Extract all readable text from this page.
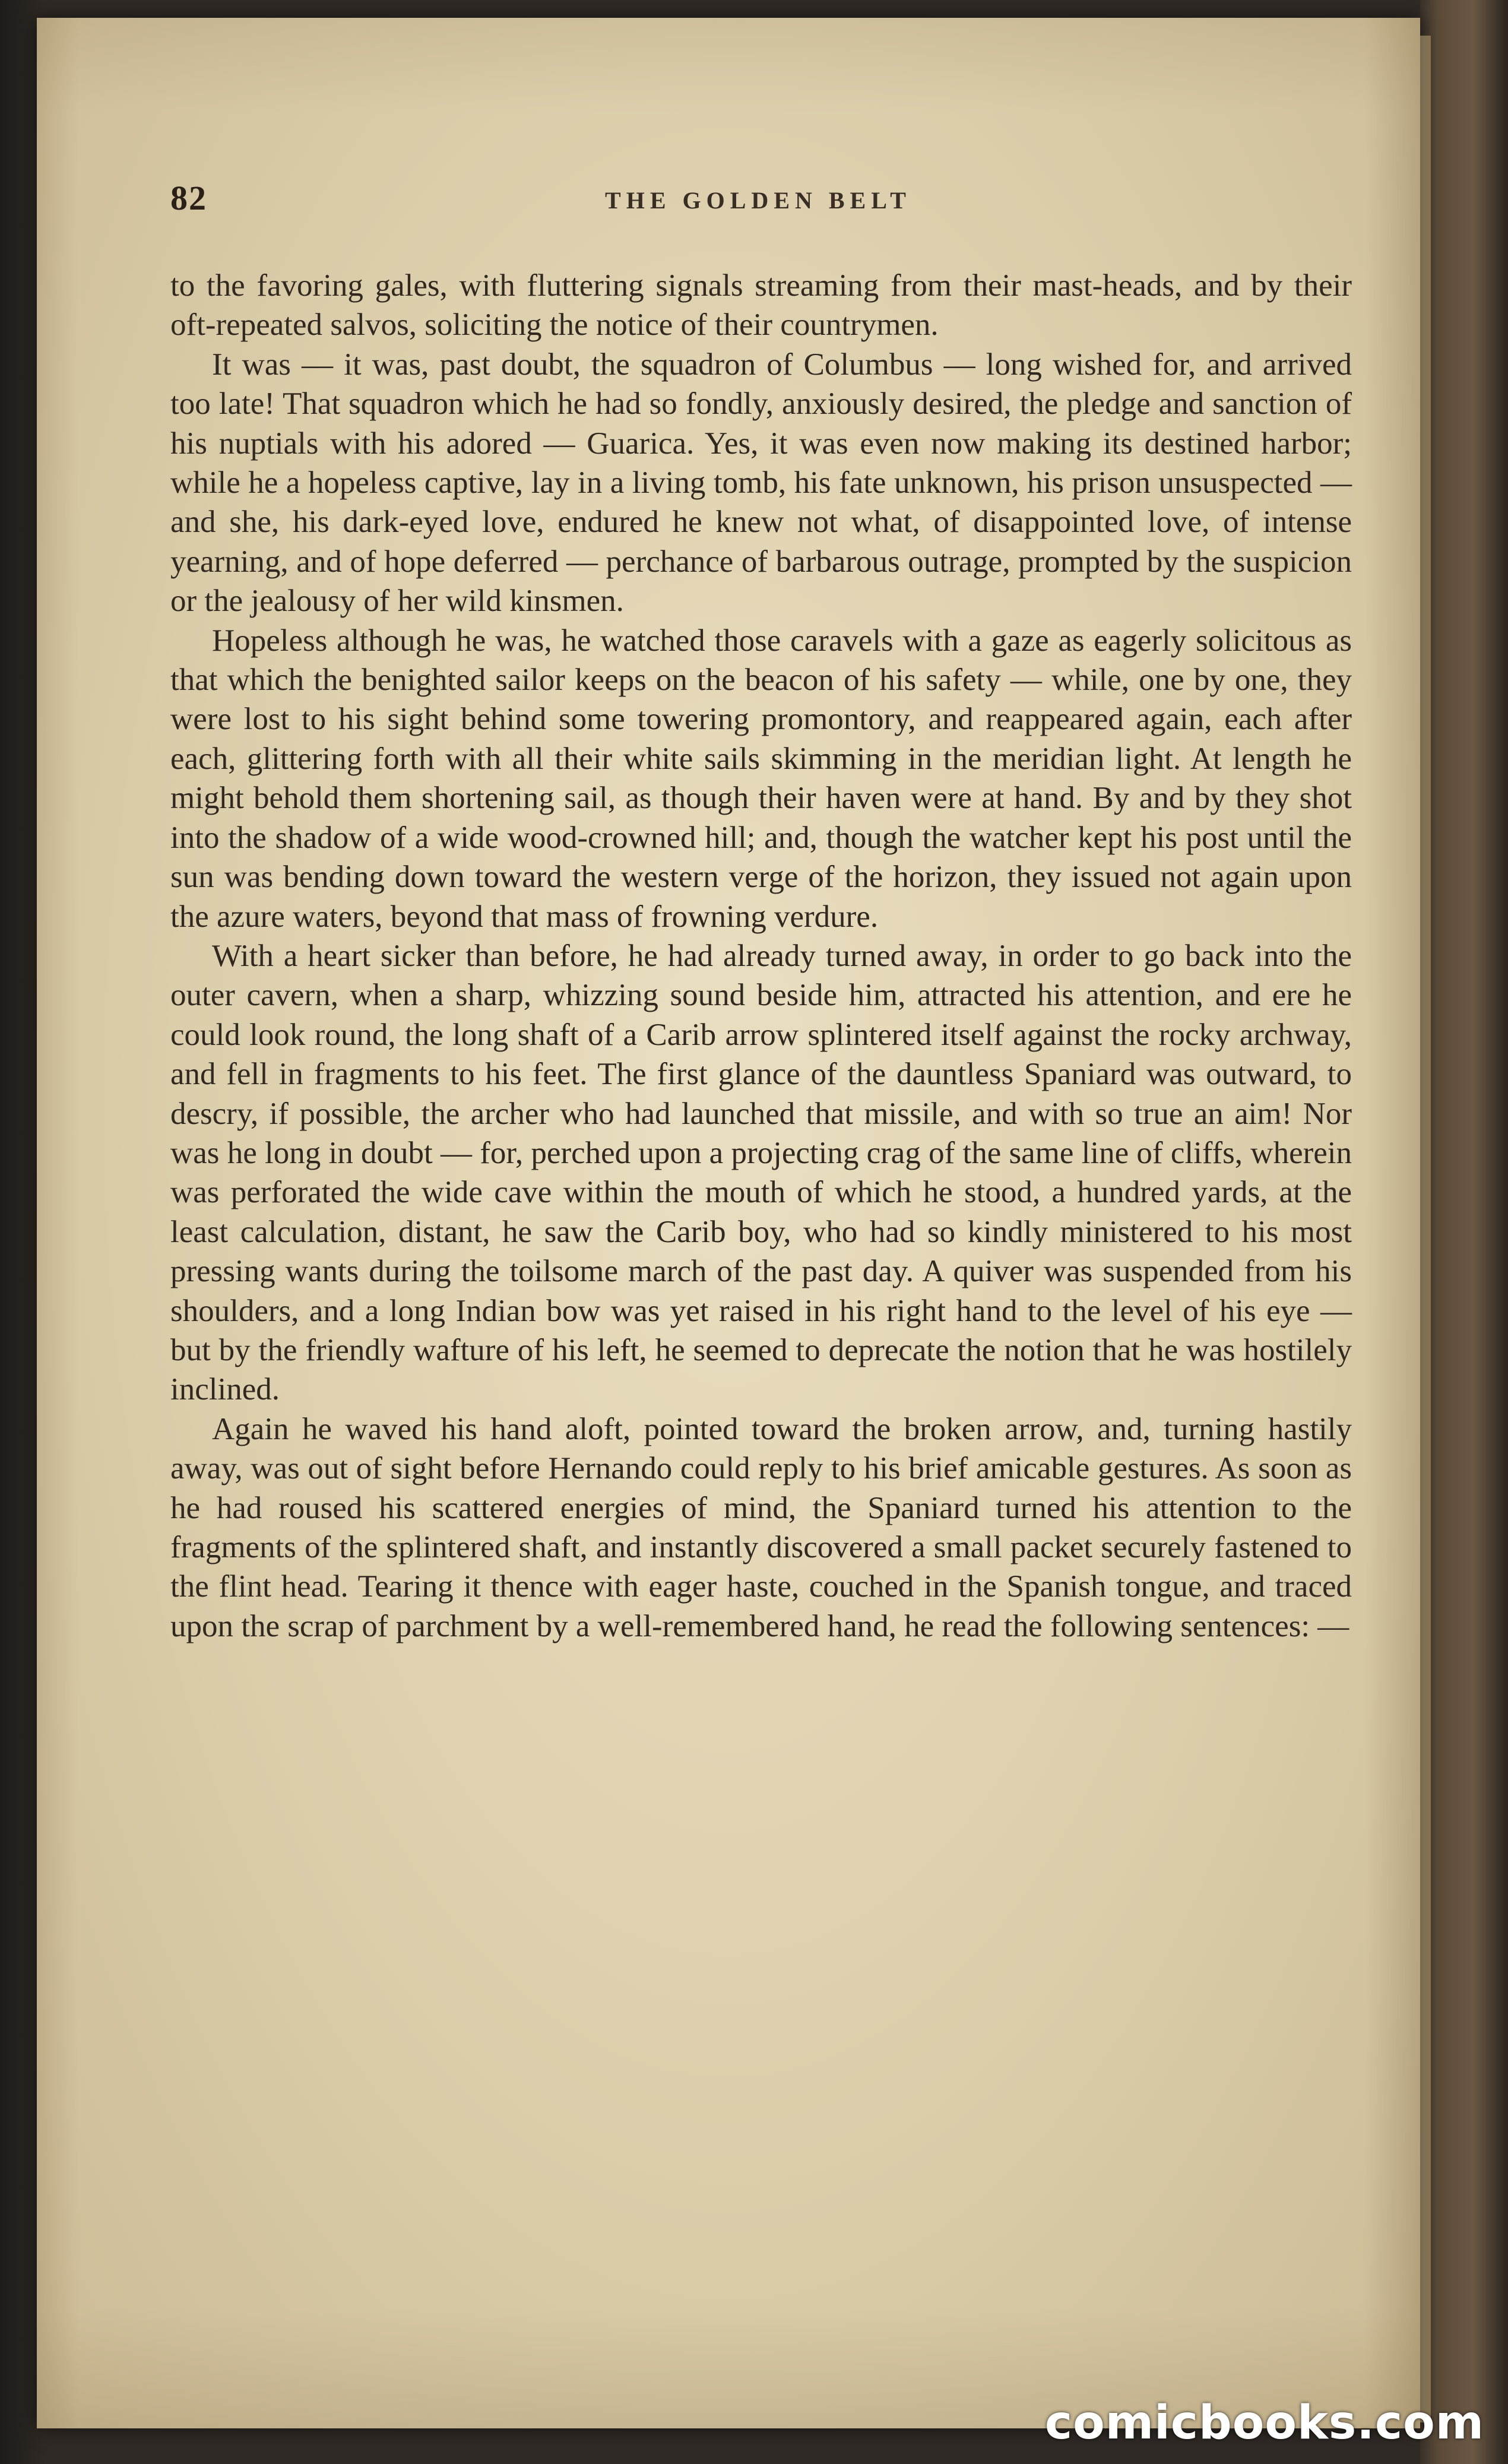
82	THE GOLDEN BELT

to the favoring gales, with fluttering signals streaming from their mast-heads, and by their oft-repeated salvos, soliciting the notice of their countrymen.

It was — it was, past doubt, the squadron of Columbus — long wished for, and arrived too late! That squadron which he had so fondly, anxiously desired, the pledge and sanction of his nuptials with his adored — Guarica. Yes, it was even now making its destined harbor; while he a hopeless captive, lay in a living tomb, his fate unknown, his prison unsuspected — and she, his dark-eyed love, endured he knew not what, of disappointed love, of intense yearning, and of hope deferred — perchance of barbarous outrage, prompted by the suspicion or the jealousy of her wild kinsmen.

Hopeless although he was, he watched those caravels with a gaze as eagerly solicitous as that which the benighted sailor keeps on the beacon of his safety — while, one by one, they were lost to his sight behind some towering promontory, and reappeared again, each after each, glittering forth with all their white sails skimming in the meridian light. At length he might behold them shortening sail, as though their haven were at hand. By and by they shot into the shadow of a wide wood-crowned hill; and, though the watcher kept his post until the sun was bending down toward the western verge of the horizon, they issued not again upon the azure waters, beyond that mass of frowning verdure.

With a heart sicker than before, he had already turned away, in order to go back into the outer cavern, when a sharp, whizzing sound beside him, attracted his attention, and ere he could look round, the long shaft of a Carib arrow splintered itself against the rocky archway, and fell in fragments to his feet. The first glance of the dauntless Spaniard was outward, to descry, if possible, the archer who had launched that missile, and with so true an aim! Nor was he long in doubt — for, perched upon a projecting crag of the same line of cliffs, wherein was perforated the wide cave within the mouth of which he stood, a hundred yards, at the least calculation, distant, he saw the Carib boy, who had so kindly ministered to his most pressing wants during the toilsome march of the past day. A quiver was suspended from his shoulders, and a long Indian bow was yet raised in his right hand to the level of his eye — but by the friendly wafture of his left, he seemed to deprecate the notion that he was hostilely inclined.

Again he waved his hand aloft, pointed toward the broken arrow, and, turning hastily away, was out of sight before Hernando could reply to his brief amicable gestures. As soon as he had roused his scattered energies of mind, the Spaniard turned his attention to the fragments of the splintered shaft, and instantly discovered a small packet securely fastened to the flint head. Tearing it thence with eager haste, couched in the Spanish tongue, and traced upon the scrap of parchment by a well-remembered hand, he read the following sentences: —

comicbooks.com
